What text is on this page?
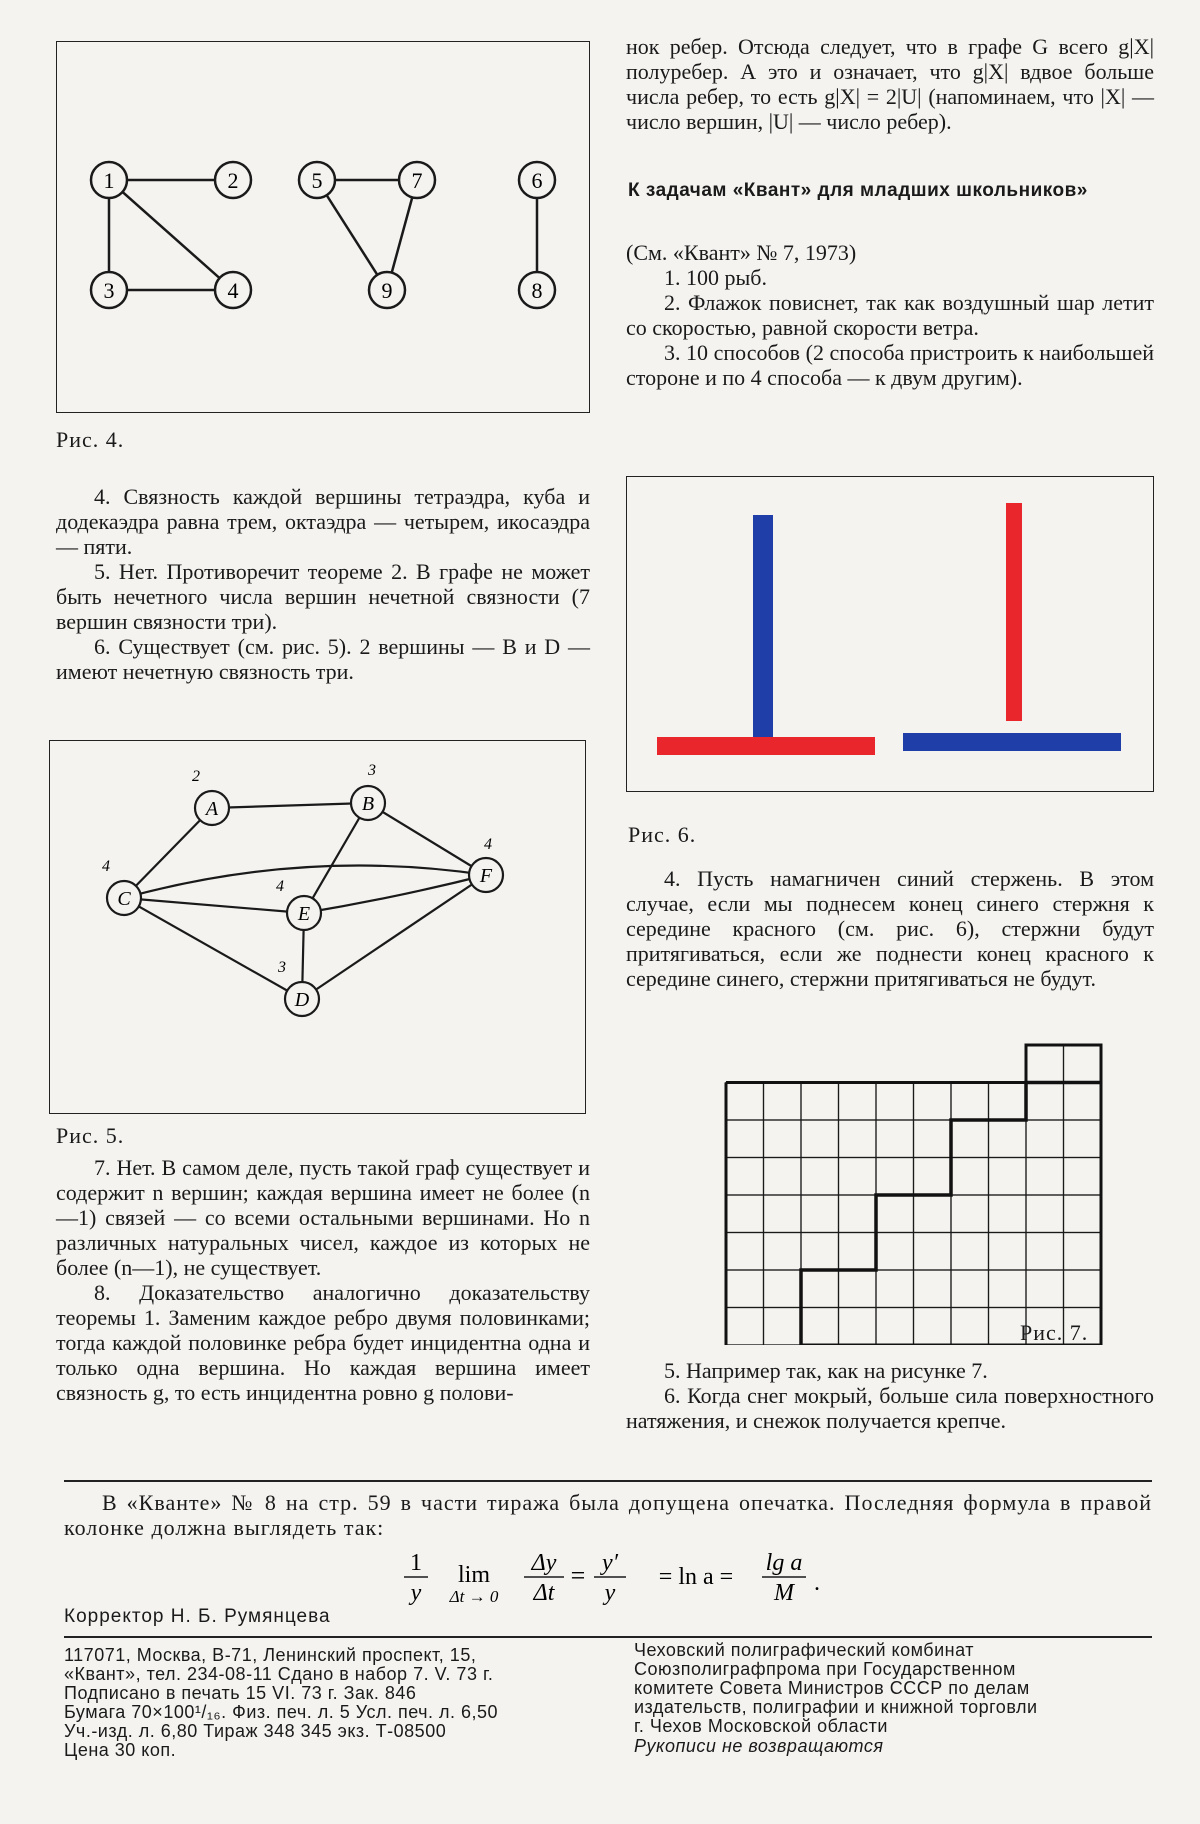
1	2
3	4
5	7
9
6
8
Рис. 4.

4. Связность каждой вершины тетраэдра, куба и додекаэдра равна трем, октаэдра — четырем, икосаэдра — пяти.

5. Нет. Противоречит теореме 2. В графе не может быть нечетного числа вершин нечетной связности (7 вершин связности три).

6. Существует (см. рис. 5). 2 вершины — B и D — имеют нечетную связность три.

A
2
B
3
C
4
D
3
E
4	F
4
Рис. 5.

7. Нет. В самом деле, пусть такой граф существует и содержит n вершин; каждая вершина имеет не более (n—1) связей — со всеми остальными вершинами. Но n различных натуральных чисел, каждое из которых не более (n—1), не существует.

8. Доказательство аналогично доказательству теоремы 1. Заменим каждое ребро двумя половинками; тогда каждой половинке ребра будет инцидентна одна и только одна вершина. Но каждая вершина имеет связность g, то есть инцидентна ровно g полови-

нок ребер. Отсюда следует, что в графе G всего g|X| полуребер. А это и означает, что g|X| вдвое больше числа ребер, то есть g|X| = 2|U| (напоминаем, что |X| — число вершин, |U| — число ребер).

К задачам «Квант» для младших школьников»

(См. «Квант» № 7, 1973)

1. 100 рыб.

2. Флажок повиснет, так как воздушный шар летит со скоростью, равной скорости ветра.

3. 10 способов (2 способа пристроить к наибольшей стороне и по 4 способа — к двум другим).

Рис. 6.

4. Пусть намагничен синий стержень. В этом случае, если мы поднесем конец синего стержня к середине красного (см. рис. 6), стержни будут притягиваться, если же поднести конец красного к середине синего, стержни притягиваться не будут.

Рис. 7.

5. Например так, как на рисунке 7.

6. Когда снег мокрый, больше сила поверхностного натяжения, и снежок получается крепче.

В «Кванте» № 8 на стр. 59 в части тиража была допущена опечатка. Последняя формула в правой колонке должна выглядеть так:

1
y
lim
Δt → 0
Δy
Δt
= y′
y
= ln a =
lg a
M .
Корректор Н. Б. Румянцева
117071, Москва, В-71, Ленинский проспект, 15,
«Квант», тел. 234-08-11 Сдано в набор 7. V. 73 г.
Подписано в печать 15 VI. 73 г. Зак. 846
Бумага 70×100¹/₁₆. Физ. печ. л. 5 Усл. печ. л. 6,50
Уч.-изд. л. 6,80 Тираж 348 345 экз. Т-08500
Цена 30 коп.
Чеховский полиграфический комбинат
Союзполиграфпрома при Государственном
комитете Совета Министров СССР по делам
издательств, полиграфии и книжной торговли
г. Чехов Московской области
Рукописи не возвращаются
